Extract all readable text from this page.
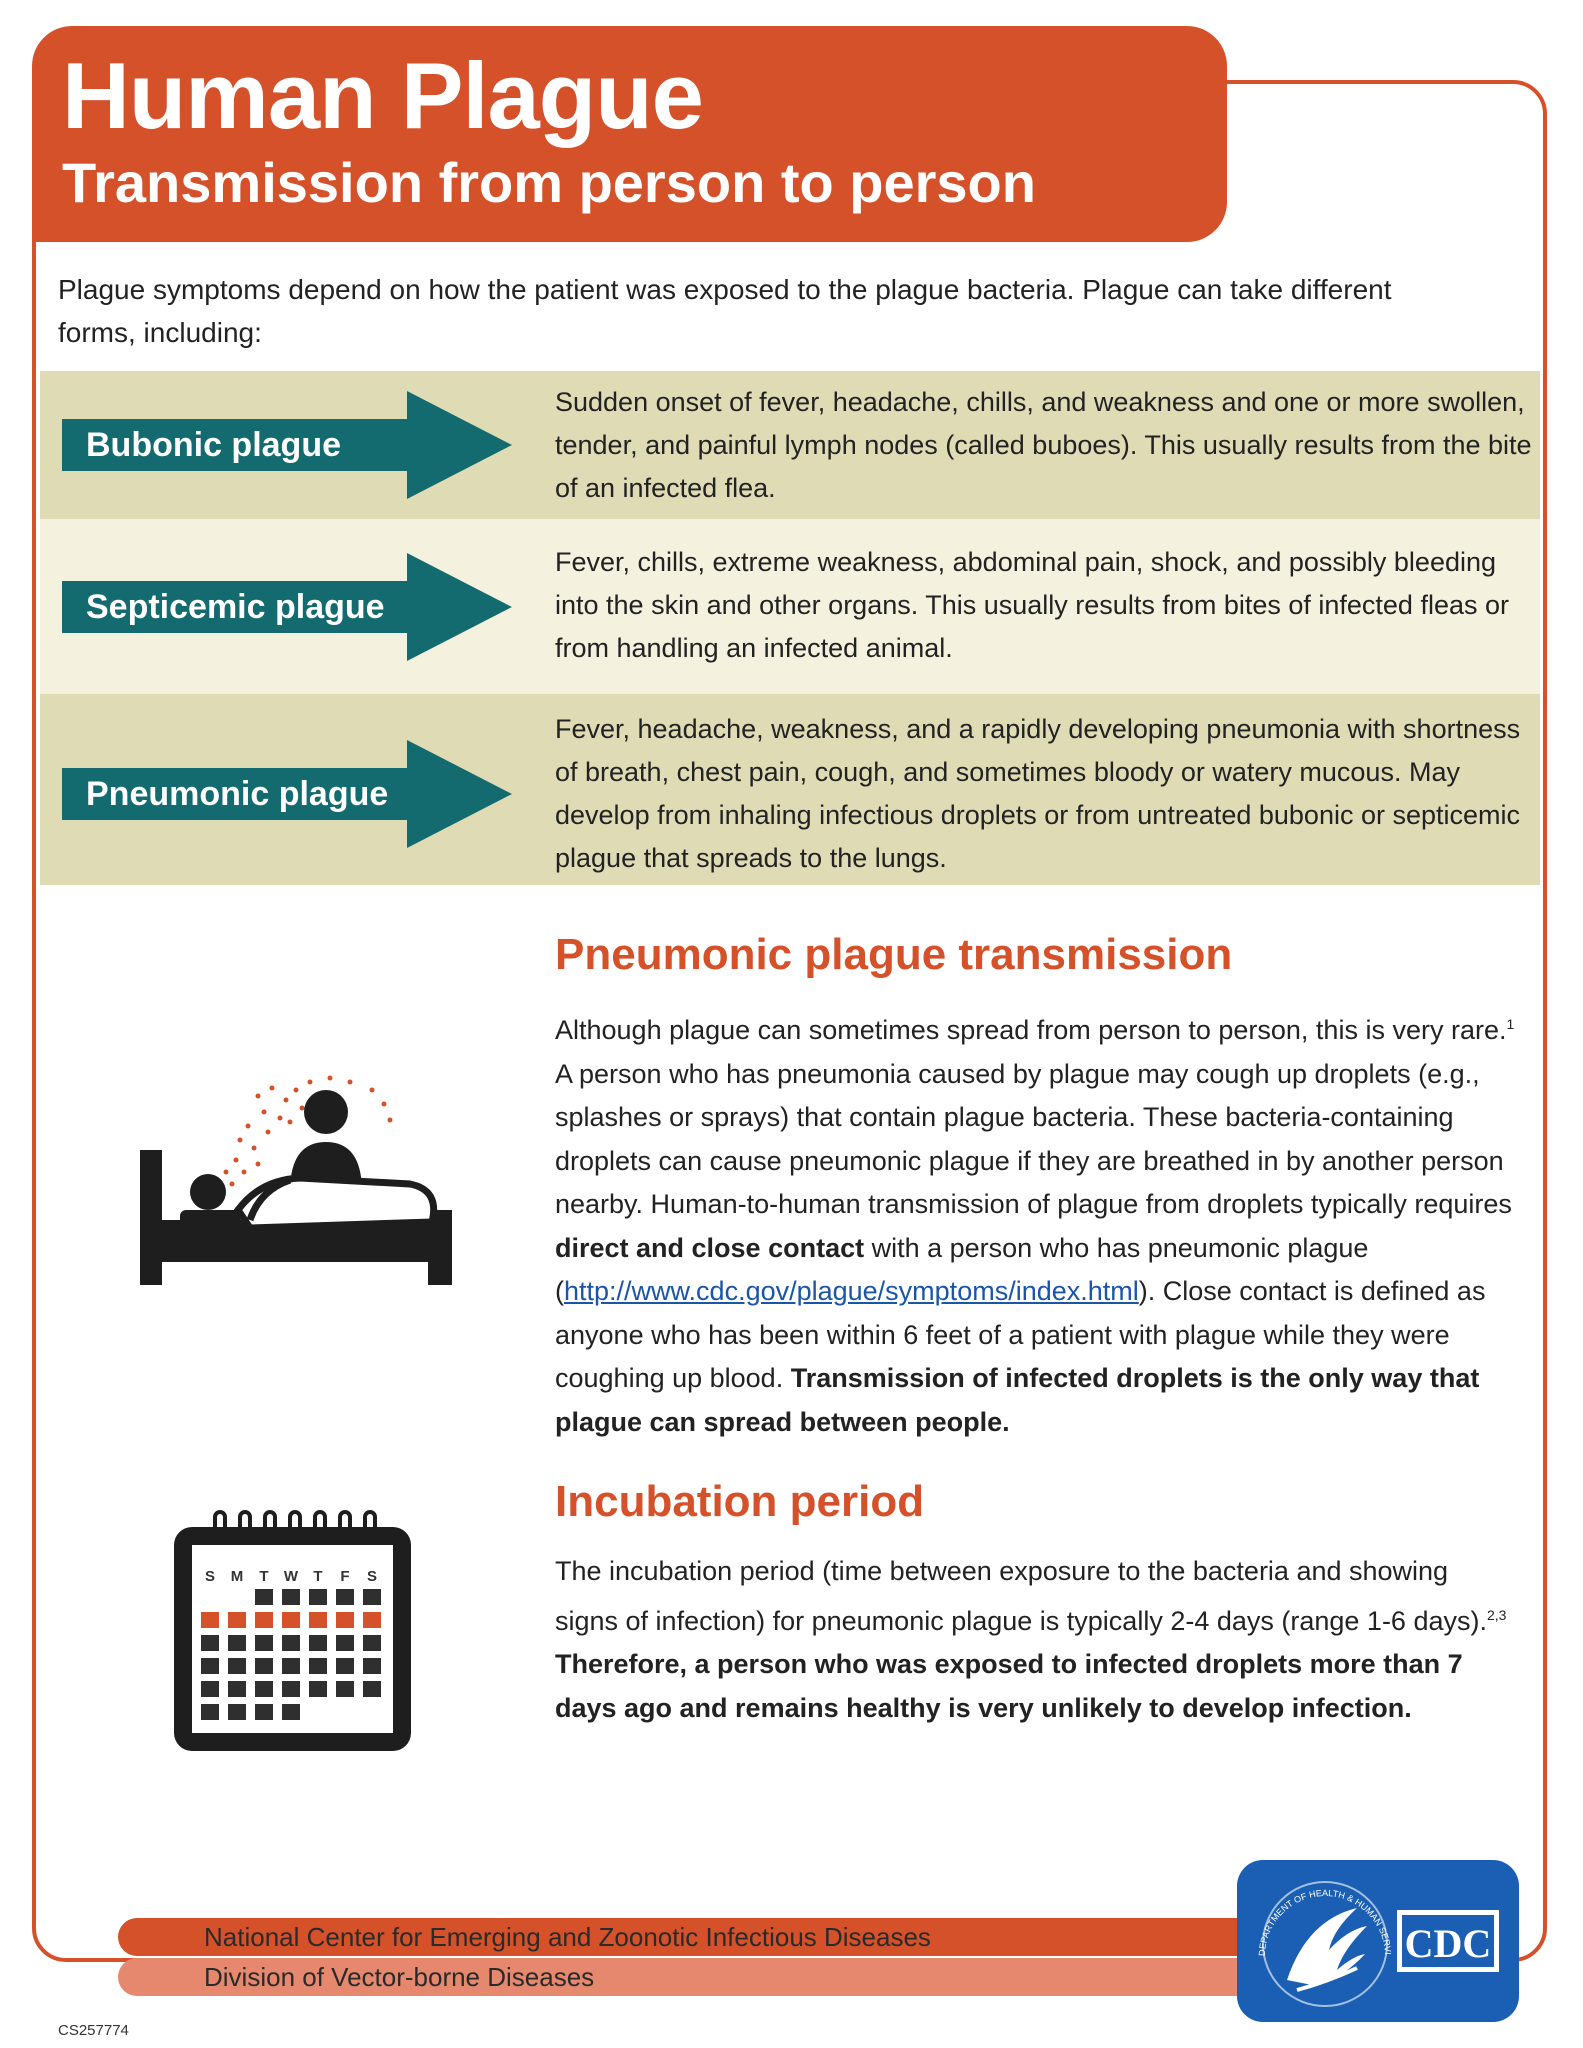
Human Plague
Transmission from person to person
Plague symptoms depend on how the patient was exposed to the plague bacteria. Plague can take different forms, including:
Bubonic plague
Sudden onset of fever, headache, chills, and weakness and one or more swollen, tender, and painful lymph nodes (called buboes). This usually results from the bite of an infected flea.
Septicemic plague
Fever, chills, extreme weakness, abdominal pain, shock, and possibly bleeding into the skin and other organs. This usually results from bites of infected fleas or from handling an infected animal.
Pneumonic plague
Fever, headache, weakness, and a rapidly developing pneumonia with shortness of breath, chest pain, cough, and sometimes bloody or watery mucous. May develop from inhaling infectious droplets or from untreated bubonic or septicemic plague that spreads to the lungs.
Pneumonic plague transmission
Although plague can sometimes spread from person to person, this is very rare.$^1$ A person who has pneumonia caused by plague may cough up droplets (e.g., splashes or sprays) that contain plague bacteria. These bacteria-containing droplets can cause pneumonic plague if they are breathed in by another person nearby. Human-to-human transmission of plague from droplets typically requires direct and close contact with a person who has pneumonic plague (http://www.cdc.gov/plague/symptoms/index.html). Close contact is defined as anyone who has been within 6 feet of a patient with plague while they were coughing up blood. Transmission of infected droplets is the only way that plague can spread between people.
S M T W T F S
Incubation period
The incubation period (time between exposure to the bacteria and showing signs of infection) for pneumonic plague is typically 2-4 days (range 1-6 days).$^{2,3}$ Therefore, a person who was exposed to infected droplets more than 7 days ago and remains healthy is very unlikely to develop infection.
National Center for Emerging and Zoonotic Infectious Diseases
Division of Vector-borne Diseases
DEPARTMENT OF HEALTH & HUMAN SERVI CDC
CS257774
